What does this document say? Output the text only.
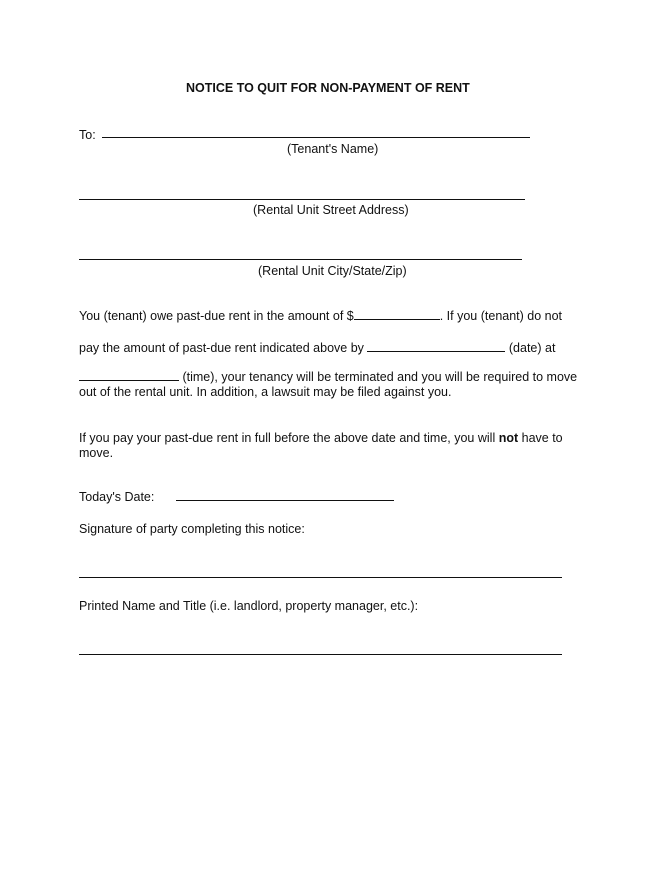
NOTICE TO QUIT FOR NON-PAYMENT OF RENT
To:
(Tenant's Name)
(Rental Unit Street Address)
(Rental Unit City/State/Zip)
You (tenant) owe past-due rent in the amount of $	. If you (tenant) do not
pay the amount of past-due rent indicated above by	(date) at
(time), your tenancy will be terminated and you will be required to move
out of the rental unit. In addition, a lawsuit may be filed against you.
If you pay your past-due rent in full before the above date and time, you will not have to
move.
Today's Date:
Signature of party completing this notice:
Printed Name and Title (i.e. landlord, property manager, etc.):
